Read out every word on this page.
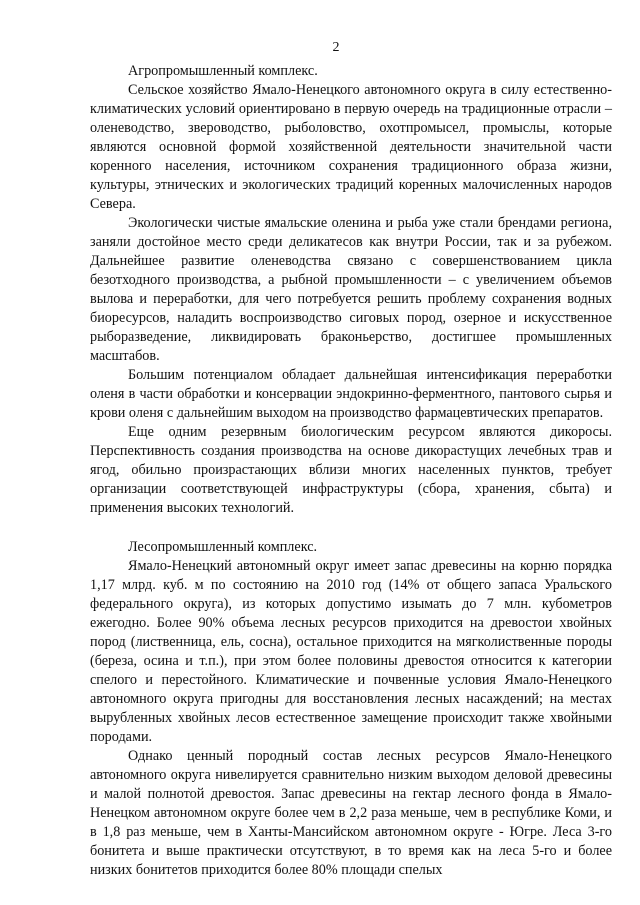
2

Агропромышленный комплекс.

Сельское хозяйство Ямало-Ненецкого автономного округа в силу естественно-климатических условий ориентировано в первую очередь на традиционные отрасли – оленеводство, звероводство, рыболовство, охотпромысел, промыслы, которые являются основной формой хозяйственной деятельности значительной части коренного населения, источником сохранения традиционного образа жизни, культуры, этнических и экологических традиций коренных малочисленных народов Севера.

Экологически чистые ямальские оленина и рыба уже стали брендами региона, заняли достойное место среди деликатесов как внутри России, так и за рубежом. Дальнейшее развитие оленеводства связано с совершенствованием цикла безотходного производства, а рыбной промышленности – с увеличением объемов вылова и переработки, для чего потребуется решить проблему сохранения водных биоресурсов, наладить воспроизводство сиговых пород, озерное и искусственное рыборазведение, ликвидировать браконьерство, достигшее промышленных масштабов.

Большим потенциалом обладает дальнейшая интенсификация переработки оленя в части обработки и консервации эндокринно-ферментного, пантового сырья и крови оленя с дальнейшим выходом на производство фармацевтических препаратов.

Еще одним резервным биологическим ресурсом являются дикоросы. Перспективность создания производства на основе дикорастущих лечебных трав и ягод, обильно произрастающих вблизи многих населенных пунктов, требует организации соответствующей инфраструктуры (сбора, хранения, сбыта) и применения высоких технологий.

Лесопромышленный комплекс.

Ямало-Ненецкий автономный округ имеет запас древесины на корню порядка 1,17 млрд. куб. м по состоянию на 2010 год (14% от общего запаса Уральского федерального округа), из которых допустимо изымать до 7 млн. кубометров ежегодно. Более 90% объема лесных ресурсов приходится на древостои хвойных пород (лиственница, ель, сосна), остальное приходится на мягколиственные породы (береза, осина и т.п.), при этом более половины древостоя относится к категории спелого и перестойного. Климатические и почвенные условия Ямало-Ненецкого автономного округа пригодны для восстановления лесных насаждений; на местах вырубленных хвойных лесов естественное замещение происходит также хвойными породами.

Однако ценный породный состав лесных ресурсов Ямало-Ненецкого автономного округа нивелируется сравнительно низким выходом деловой древесины и малой полнотой древостоя. Запас древесины на гектар лесного фонда в Ямало-Ненецком автономном округе более чем в 2,2 раза меньше, чем в республике Коми, и в 1,8 раз меньше, чем в Ханты-Мансийском автономном округе - Югре. Леса 3-го бонитета и выше практически отсутствуют, в то время как на леса 5-го и более низких бонитетов приходится более 80% площади спелых
